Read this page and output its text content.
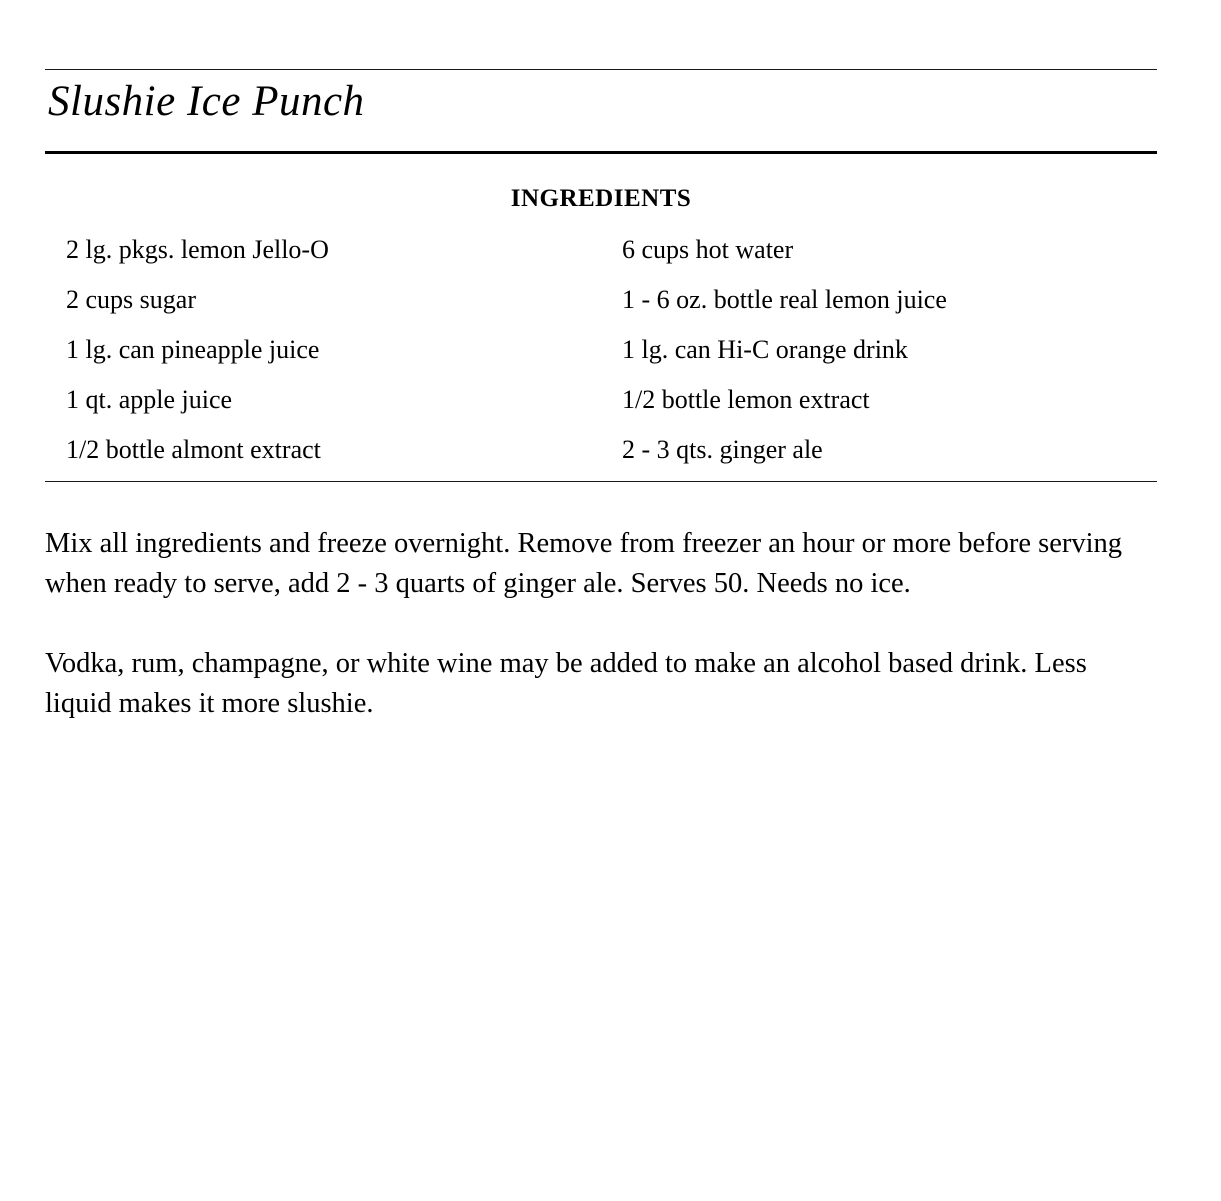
Slushie Ice Punch
INGREDIENTS
2 lg. pkgs. lemon Jello-O	6 cups hot water
2 cups sugar	1 - 6 oz. bottle real lemon juice
1 lg. can pineapple juice	1 lg. can Hi-C orange drink
1 qt. apple juice	1/2 bottle lemon extract
1/2 bottle almont extract	2 - 3 qts. ginger ale

Mix all ingredients and freeze overnight. Remove from freezer an hour or more before serving when ready to serve, add 2 - 3 quarts of ginger ale. Serves 50. Needs no ice.

Vodka, rum, champagne, or white wine may be added to make an alcohol based drink. Less liquid makes it more slushie.
